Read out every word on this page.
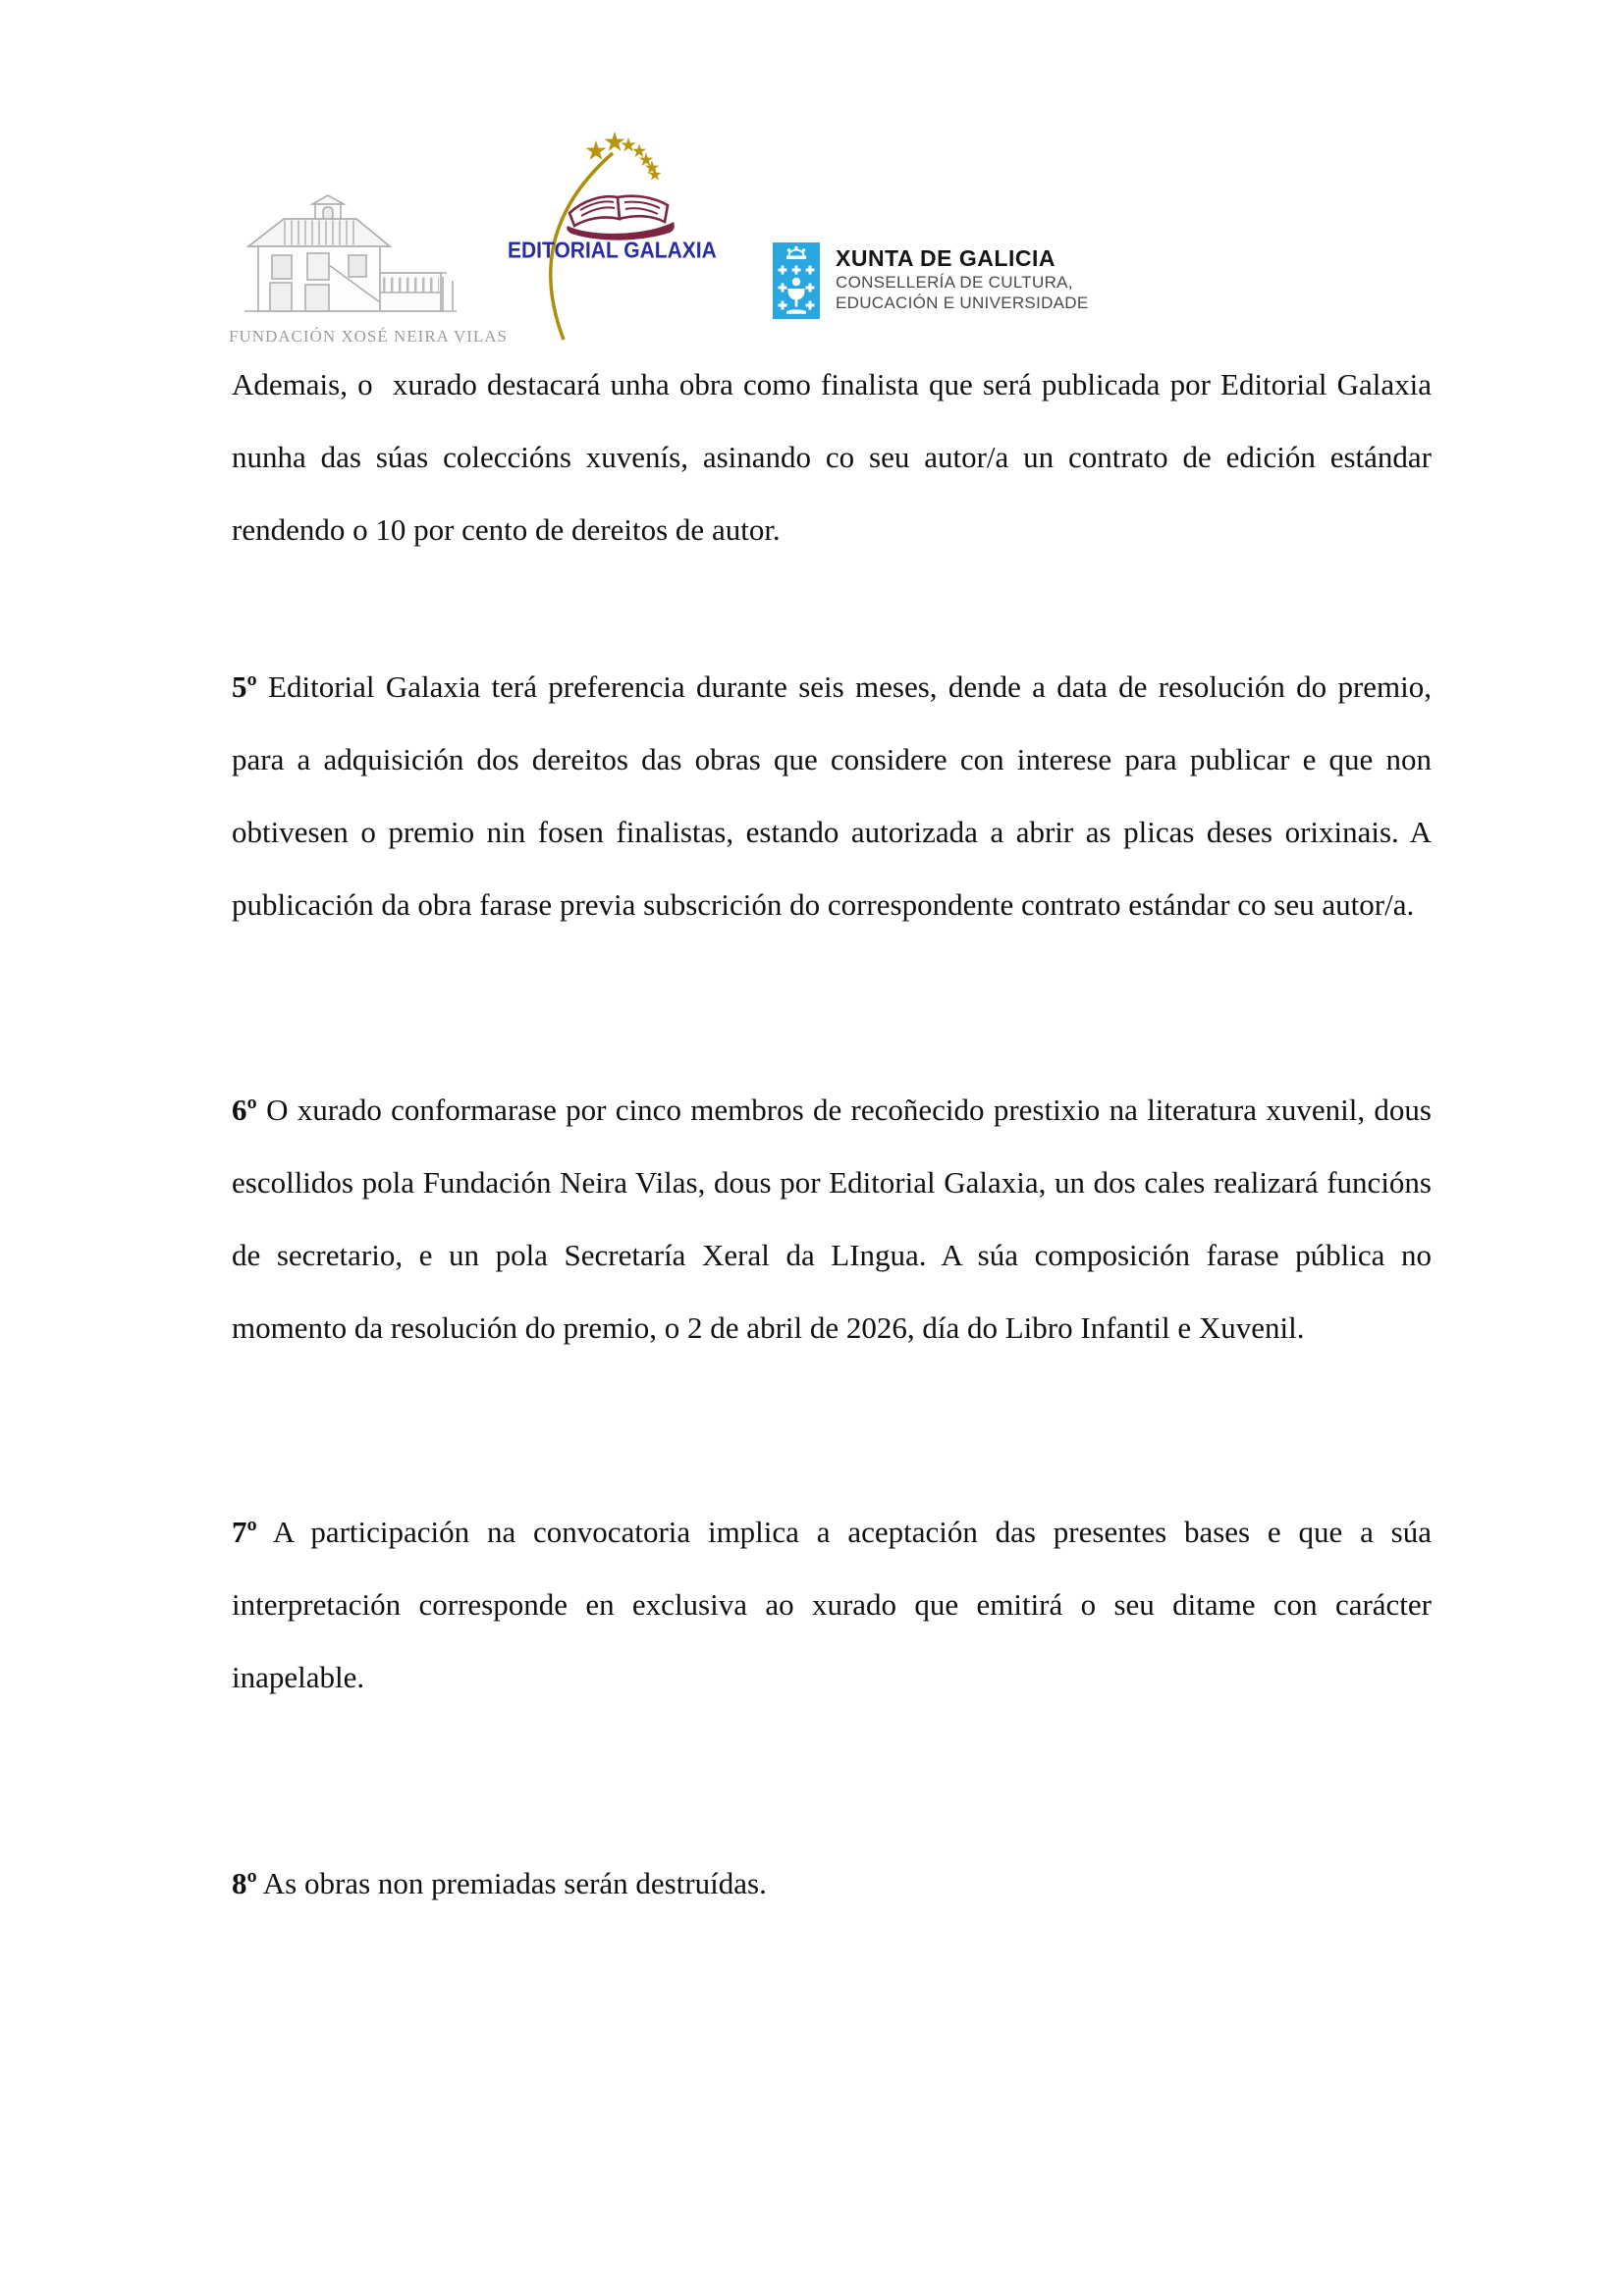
FUNDACIÓN XOSÉ NEIRA VILAS
EDITORIAL GALAXIA	XUNTA DE GALICIA
CONSELLERÍA DE CULTURA,
EDUCACIÓN E UNIVERSIDADE

Ademais, o  xurado destacará unha obra como finalista que será publicada por Editorial Galaxia nunha das súas coleccións xuvenís, asinando co seu autor/a un contrato de edición estándar rendendo o 10 por cento de dereitos de autor.

5º Editorial Galaxia terá preferencia durante seis meses, dende a data de resolución do premio, para a adquisición dos dereitos das obras que considere con interese para publicar e que non obtivesen o premio nin fosen finalistas, estando autorizada a abrir as plicas deses orixinais. A publicación da obra farase previa subscrición do correspondente contrato estándar co seu autor/a.

6º O xurado conformarase por cinco membros de recoñecido prestixio na literatura xuvenil, dous escollidos pola Fundación Neira Vilas, dous por Editorial Galaxia, un dos cales realizará funcións de secretario, e un pola Secretaría Xeral da LIngua. A súa composición farase pública no momento da resolución do premio, o 2 de abril de 2026, día do Libro Infantil e Xuvenil.

7º A participación na convocatoria implica a aceptación das presentes bases e que a súa interpretación corresponde en exclusiva ao xurado que emitirá o seu ditame con carácter inapelable.

8º As obras non premiadas serán destruídas.
